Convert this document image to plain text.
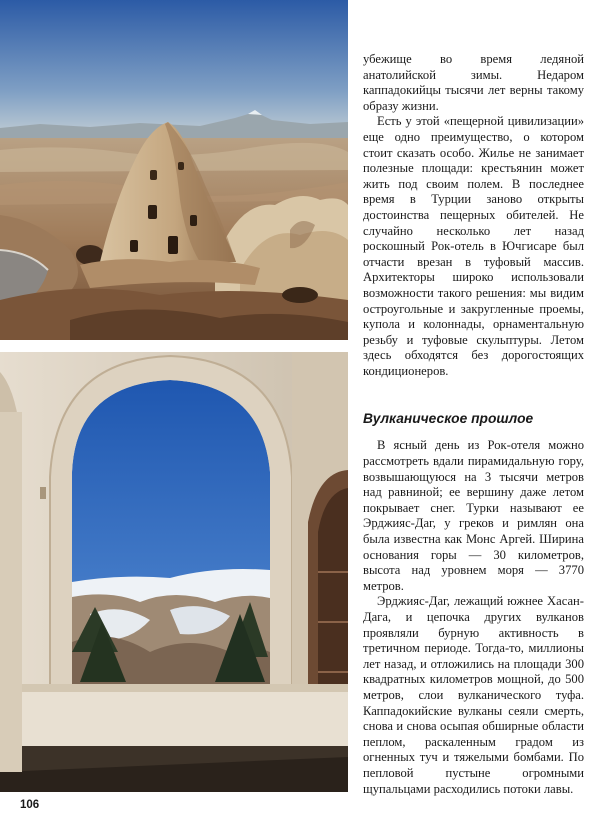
убежище во время ледяной анатолийской зимы. Недаром каппадокийцы тысячи лет верны такому образу жизни.

Есть у этой «пещерной цивилизации» еще одно преимущество, о котором стоит сказать особо. Жилье не занимает полезные площади: крестьянин может жить под своим полем. В последнее время в Турции заново открыты достоинства пещерных обителей. Не случайно несколько лет назад роскошный Рок-отель в Ючгисаре был отчасти врезан в туфовый массив. Архитекторы широко использовали возможности такого решения: мы видим остроугольные и закругленные проемы, купола и колоннады, орнаментальную резьбу и туфовые скульптуры. Летом здесь обходятся без дорогостоящих кондиционеров.

Вулканическое прошлое

В ясный день из Рок-отеля можно рассмотреть вдали пирамидальную гору, возвышающуюся на 3 тысячи метров над равниной; ее вершину даже летом покрывает снег. Турки называют ее Эрджияс-Даг, у греков и римлян она была известна как Монс Аргей. Ширина основания горы — 30 километров, высота над уровнем моря — 3770 метров.

Эрджияс-Даг, лежащий южнее Хасан-Дага, и цепочка других вулканов проявляли бурную активность в третичном периоде. Тогда-то, миллионы лет назад, и отложились на площади 300 квадратных километров мощной, до 500 метров, слои вулканического туфа. Каппадокийские вулканы сеяли смерть, снова и снова осыпая обширные области пеплом, раскаленным градом из огненных туч и тяжелыми бомбами. По пепловой пустыне огромными щупальцами расходились потоки лавы.

106
